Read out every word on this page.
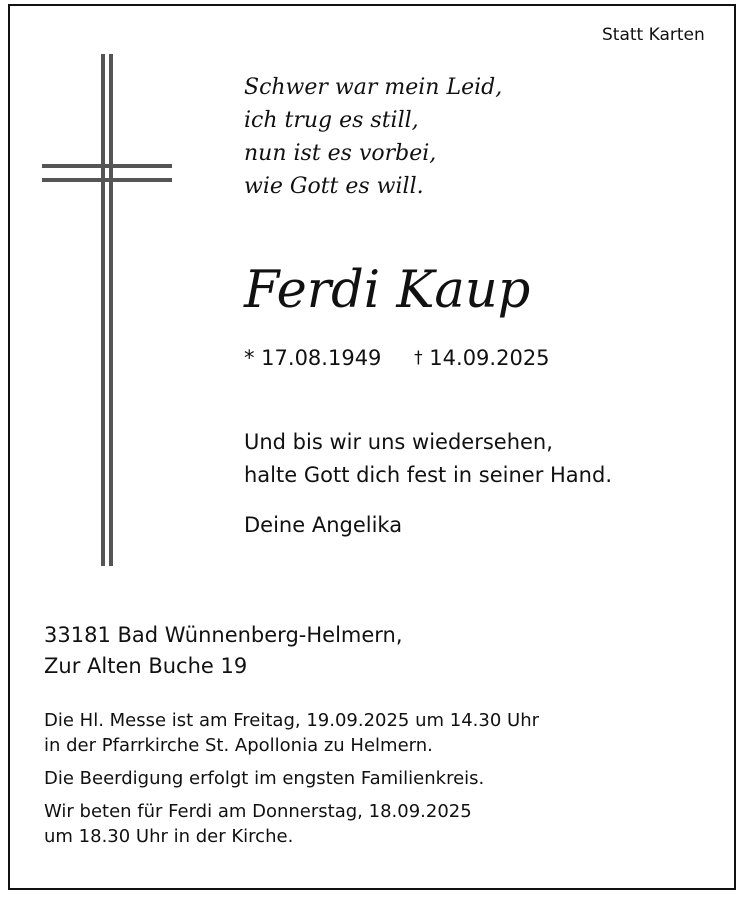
Statt Karten
Schwer war mein Leid,
ich trug es still,
nun ist es vorbei,
wie Gott es will.
Ferdi Kaup
* 17.08.1949 † 14.09.2025
Und bis wir uns wiedersehen,
halte Gott dich fest in seiner Hand.
Deine Angelika
33181 Bad Wünnenberg-Helmern,
Zur Alten Buche 19
Die Hl. Messe ist am Freitag, 19.09.2025 um 14.30 Uhr
in der Pfarrkirche St. Apollonia zu Helmern.
Die Beerdigung erfolgt im engsten Familienkreis.
Wir beten für Ferdi am Donnerstag, 18.09.2025
um 18.30 Uhr in der Kirche.
